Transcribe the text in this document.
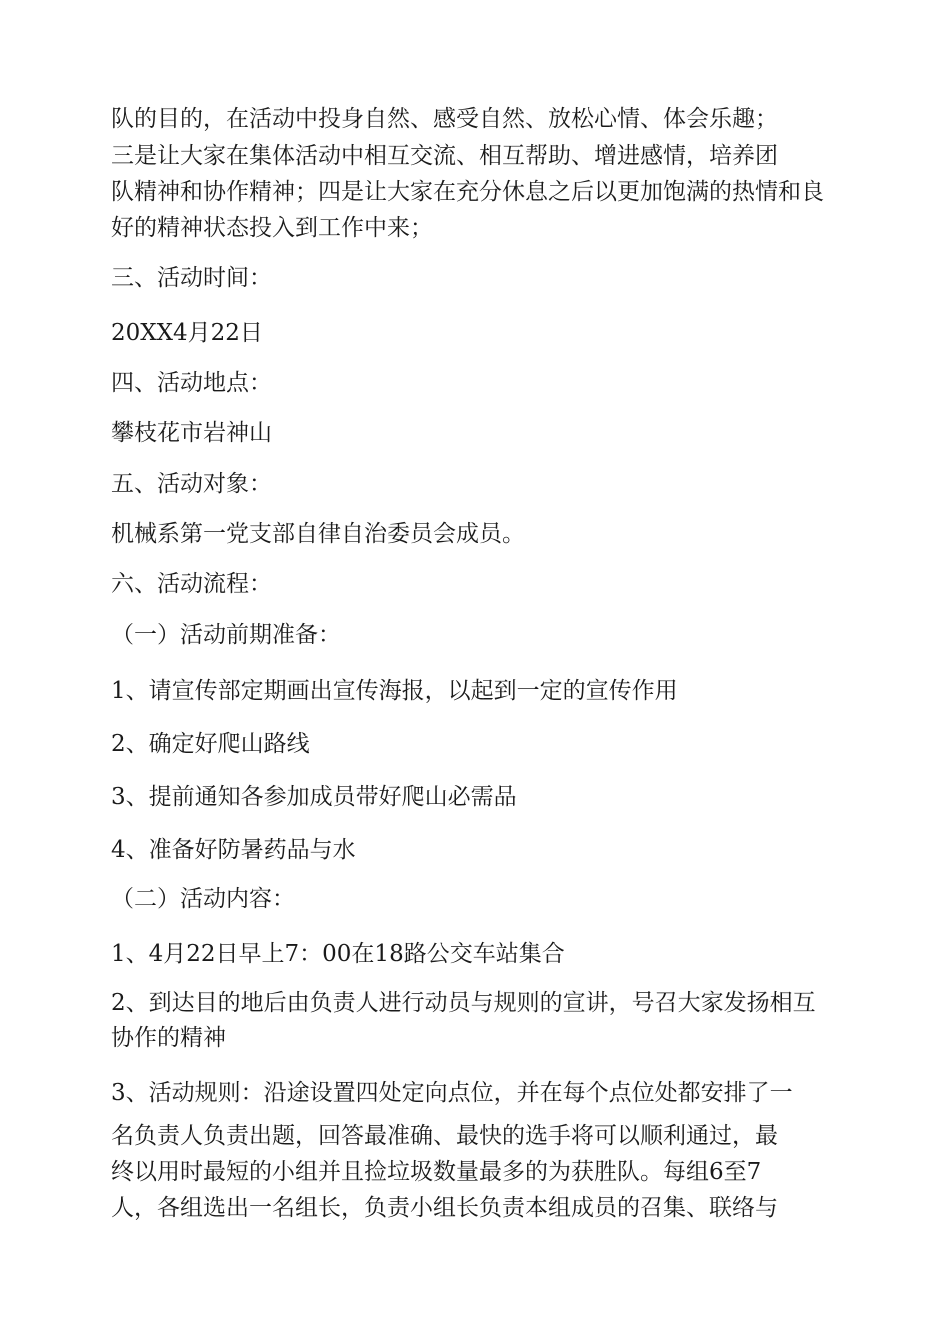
队的目的，在活动中投身自然、感受自然、放松心情、体会乐趣；
三是让大家在集体活动中相互交流、相互帮助、增进感情，培养团
队精神和协作精神；四是让大家在充分休息之后以更加饱满的热情和良
好的精神状态投入到工作中来；
三、活动时间：
20XX4月22日
四、活动地点：
攀枝花市岩神山
五、活动对象：
机械系第一党支部自律自治委员会成员。
六、活动流程：
（一）活动前期准备：
1、请宣传部定期画出宣传海报，以起到一定的宣传作用
2、确定好爬山路线
3、提前通知各参加成员带好爬山必需品
4、准备好防暑药品与水
（二）活动内容：
1、4月22日早上7：00在18路公交车站集合
2、到达目的地后由负责人进行动员与规则的宣讲，号召大家发扬相互
协作的精神
3、活动规则：沿途设置四处定向点位，并在每个点位处都安排了一
名负责人负责出题，回答最准确、最快的选手将可以顺利通过，最
终以用时最短的小组并且捡垃圾数量最多的为获胜队。每组6至7
人，各组选出一名组长，负责小组长负责本组成员的召集、联络与
